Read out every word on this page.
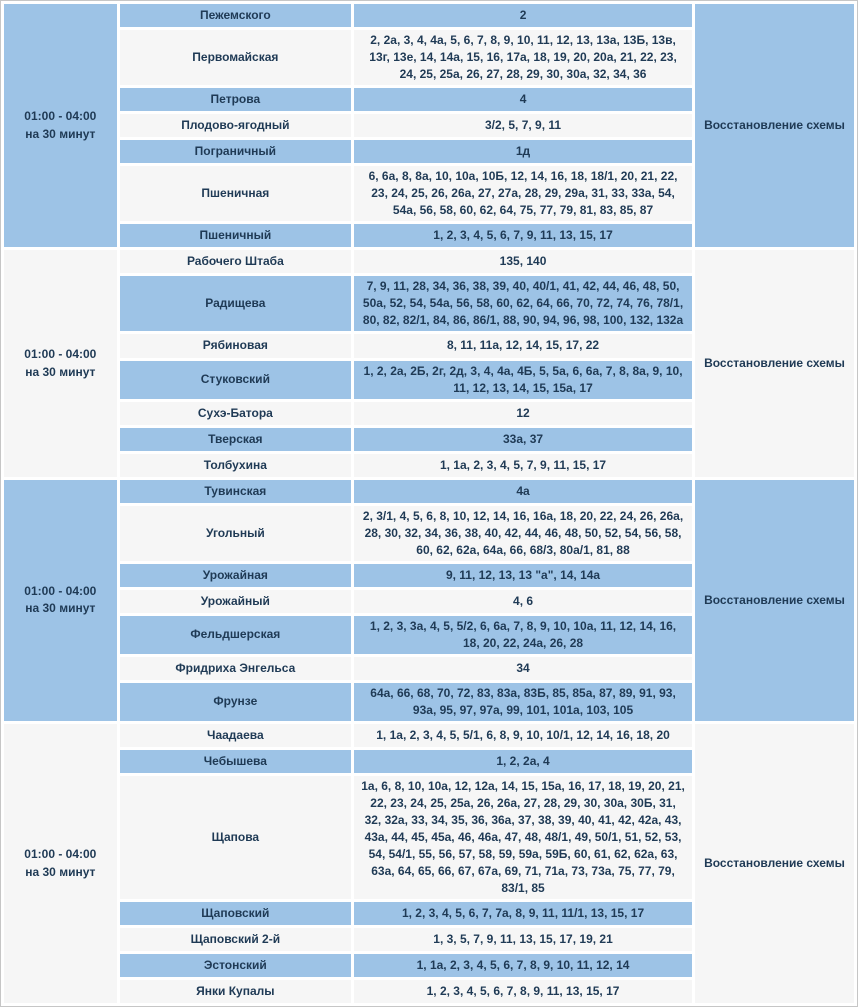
01:00 - 04:00
на 30 минут	Пежемского	2	Восстановление схемы
	Первомайская	2, 2а, 3, 4, 4а, 5, 6, 7, 8, 9, 10, 11, 12, 13, 13а, 13Б, 13в, 13г, 13е, 14, 14а, 15, 16, 17а, 18, 19, 20, 20а, 21, 22, 23, 24, 25, 25а, 26, 27, 28, 29, 30, 30а, 32, 34, 36	
	Петрова	4	
	Плодово-ягодный	3/2, 5, 7, 9, 11	
	Пограничный	1д	
	Пшеничная	6, 6а, 8, 8а, 10, 10а, 10Б, 12, 14, 16, 18, 18/1, 20, 21, 22, 23, 24, 25, 26, 26а, 27, 27а, 28, 29, 29а, 31, 33, 33а, 54, 54а, 56, 58, 60, 62, 64, 75, 77, 79, 81, 83, 85, 87	
	Пшеничный	1, 2, 3, 4, 5, 6, 7, 9, 11, 13, 15, 17	

01:00 - 04:00
на 30 минут	Рабочего Штаба	135, 140	Восстановление схемы
	Радищева	7, 9, 11, 28, 34, 36, 38, 39, 40, 40/1, 41, 42, 44, 46, 48, 50, 50а, 52, 54, 54а, 56, 58, 60, 62, 64, 66, 70, 72, 74, 76, 78/1, 80, 82, 82/1, 84, 86, 86/1, 88, 90, 94, 96, 98, 100, 132, 132а	
	Рябиновая	8, 11, 11а, 12, 14, 15, 17, 22	
	Стуковский	1, 2, 2а, 2Б, 2г, 2д, 3, 4, 4а, 4Б, 5, 5а, 6, 6а, 7, 8, 8а, 9, 10, 11, 12, 13, 14, 15, 15а, 17	
	Сухэ-Батора	12	
	Тверская	33а, 37	
	Толбухина	1, 1а, 2, 3, 4, 5, 7, 9, 11, 15, 17	

01:00 - 04:00
на 30 минут	Тувинская	4а	Восстановление схемы
	Угольный	2, 3/1, 4, 5, 6, 8, 10, 12, 14, 16, 16а, 18, 20, 22, 24, 26, 26а, 28, 30, 32, 34, 36, 38, 40, 42, 44, 46, 48, 50, 52, 54, 56, 58, 60, 62, 62а, 64а, 66, 68/3, 80а/1, 81, 88	
	Урожайная	9, 11, 12, 13, 13 "а", 14, 14а	
	Урожайный	4, 6	
	Фельдшерская	1, 2, 3, 3а, 4, 5, 5/2, 6, 6а, 7, 8, 9, 10, 10а, 11, 12, 14, 16, 18, 20, 22, 24а, 26, 28	
	Фридриха Энгельса	34	
	Фрунзе	64а, 66, 68, 70, 72, 83, 83а, 83Б, 85, 85а, 87, 89, 91, 93, 93а, 95, 97, 97а, 99, 101, 101а, 103, 105	

01:00 - 04:00
на 30 минут	Чаадаева	1, 1а, 2, 3, 4, 5, 5/1, 6, 8, 9, 10, 10/1, 12, 14, 16, 18, 20	Восстановление схемы
	Чебышева	1, 2, 2а, 4	
	Щапова	1а, 6, 8, 10, 10а, 12, 12а, 14, 15, 15а, 16, 17, 18, 19, 20, 21, 22, 23, 24, 25, 25а, 26, 26а, 27, 28, 29, 30, 30а, 30Б, 31, 32, 32а, 33, 34, 35, 36, 36а, 37, 38, 39, 40, 41, 42, 42а, 43, 43а, 44, 45, 45а, 46, 46а, 47, 48, 48/1, 49, 50/1, 51, 52, 53, 54, 54/1, 55, 56, 57, 58, 59, 59а, 59Б, 60, 61, 62, 62а, 63, 63а, 64, 65, 66, 67, 67а, 69, 71, 71а, 73, 73а, 75, 77, 79, 83/1, 85	
	Щаповский	1, 2, 3, 4, 5, 6, 7, 7а, 8, 9, 11, 11/1, 13, 15, 17	
	Щаповский 2-й	1, 3, 5, 7, 9, 11, 13, 15, 17, 19, 21	
	Эстонский	1, 1а, 2, 3, 4, 5, 6, 7, 8, 9, 10, 11, 12, 14	
	Янки Купалы	1, 2, 3, 4, 5, 6, 7, 8, 9, 11, 13, 15, 17	
